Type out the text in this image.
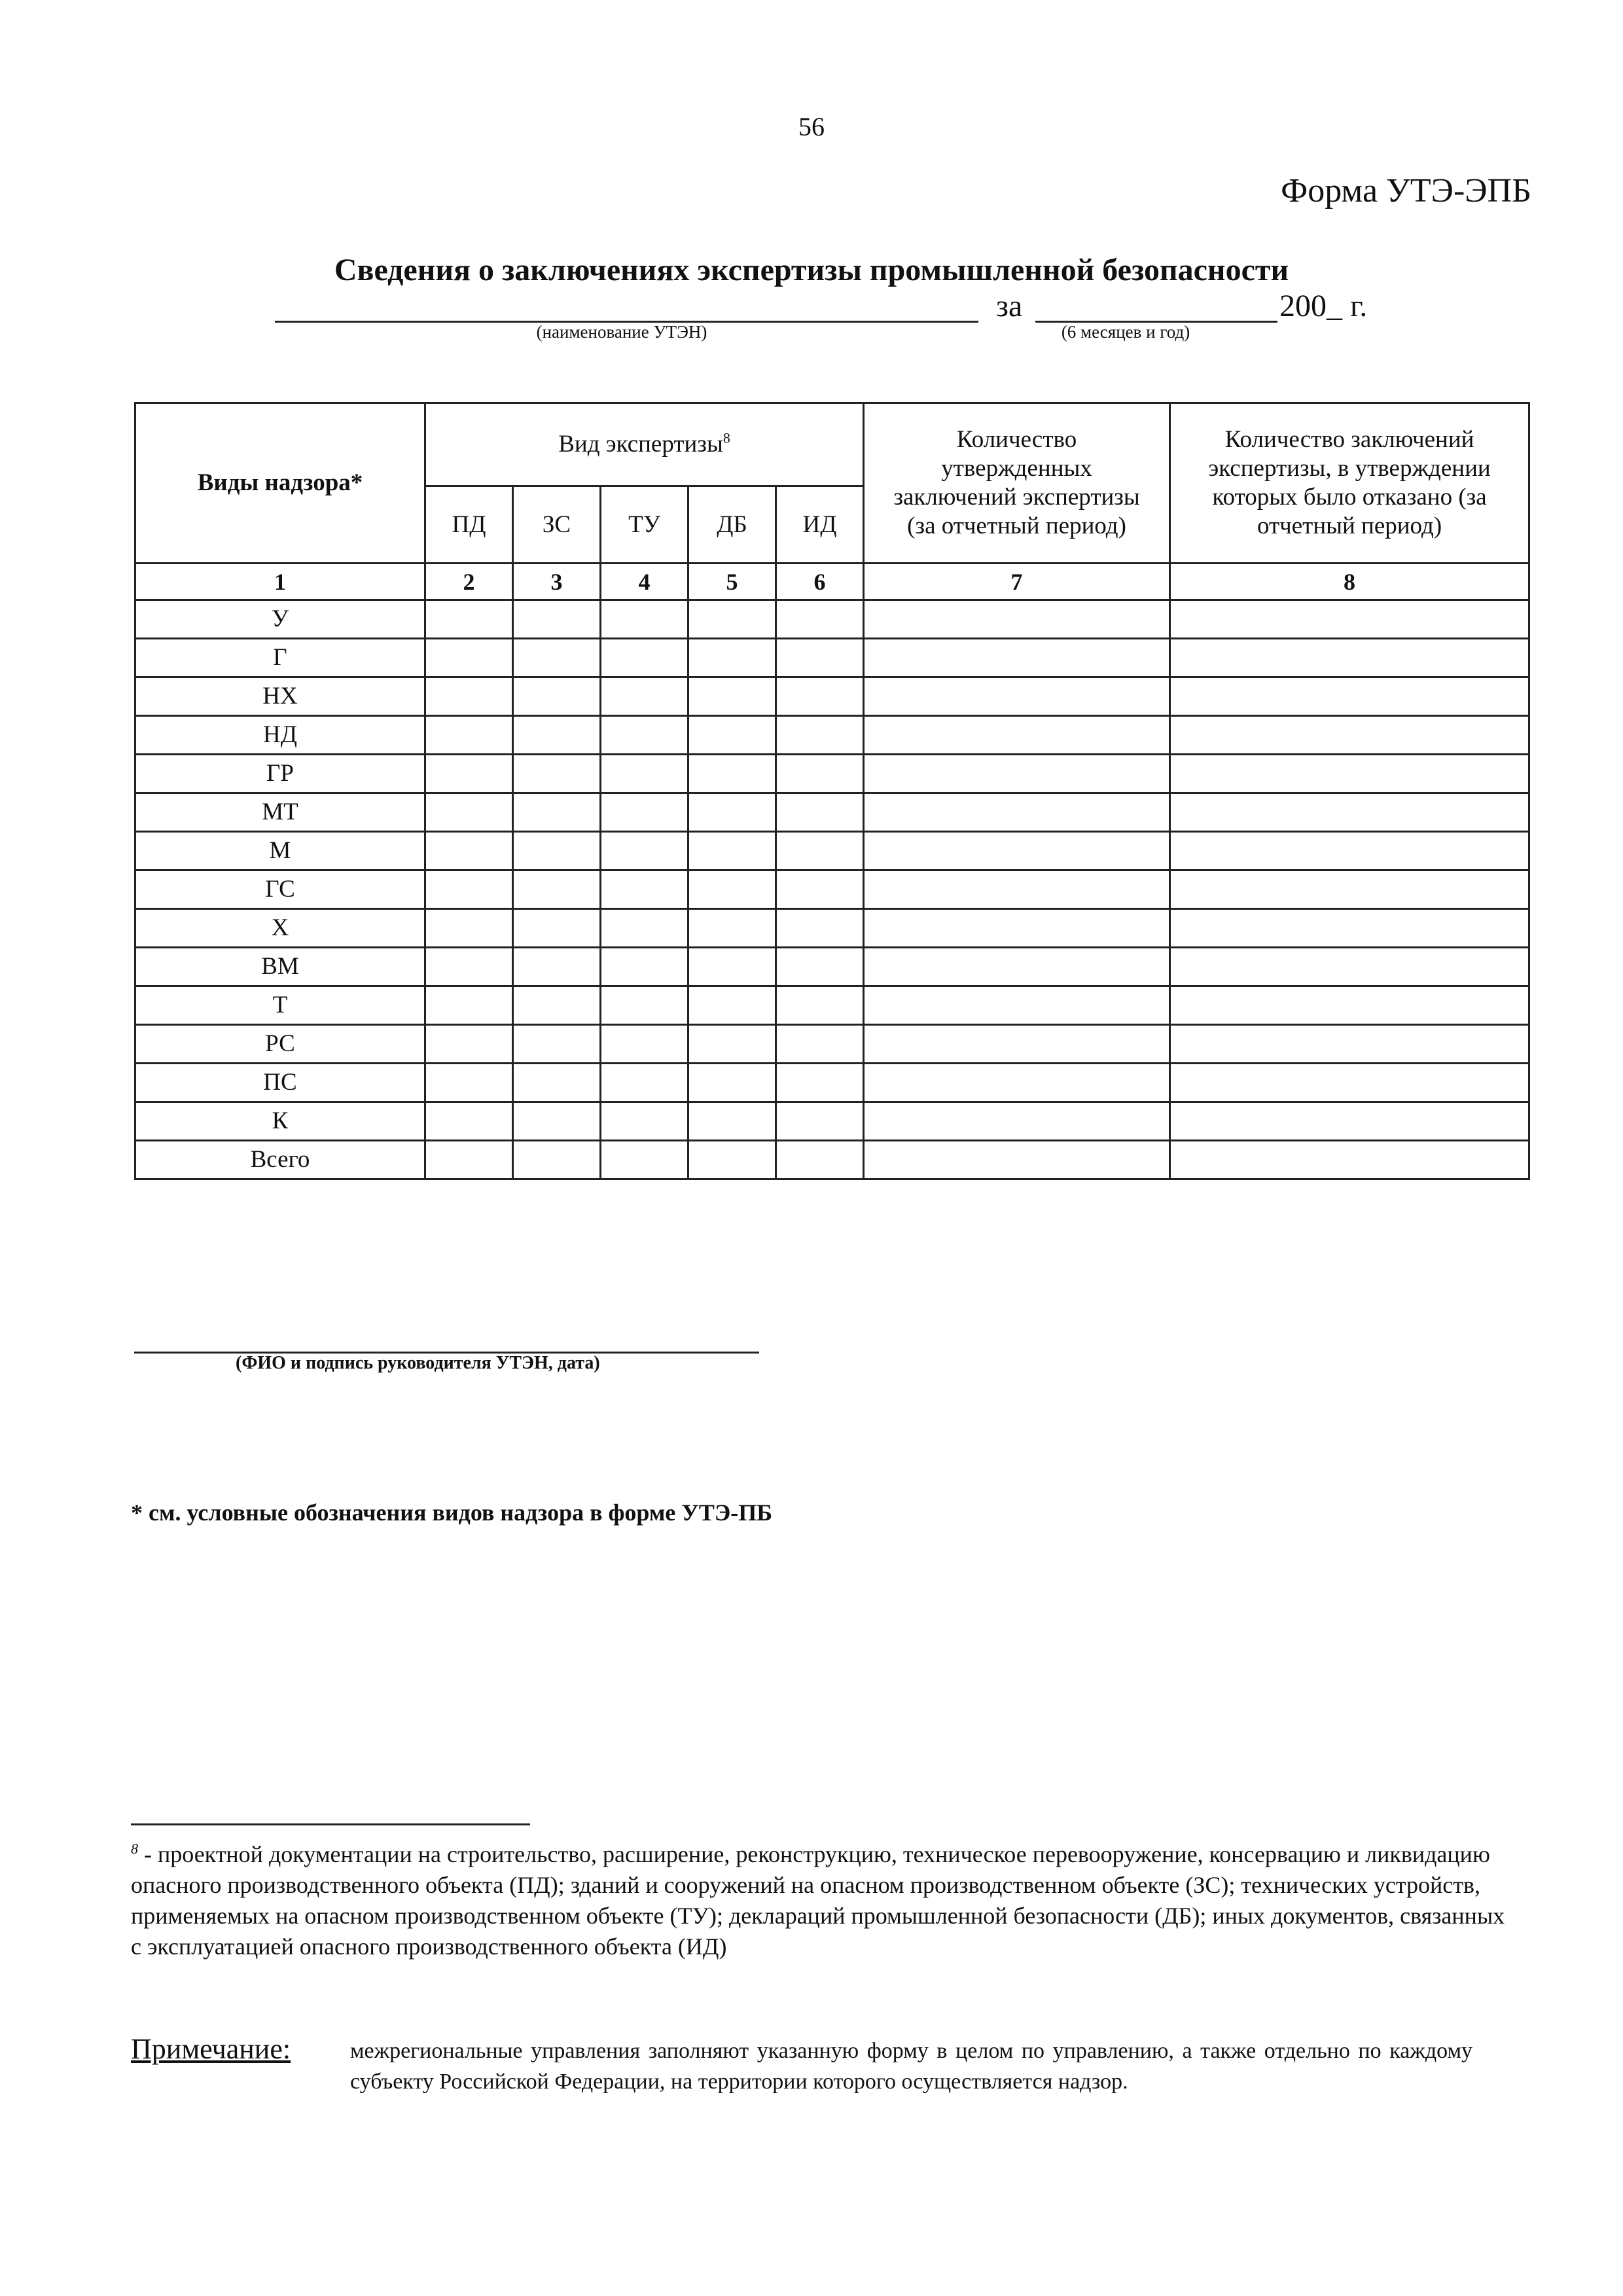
56
Форма УТЭ-ЭПБ
Сведения о заключениях экспертизы промышленной безопасности
(наименование УТЭН)
за
(6 месяцев и год)
200_ г.
Виды надзора*	Вид экспертизы$^8$					Количество утвержденных заключений экспертизы (за отчетный период)	Количество заключений экспертизы, в утверждении которых было отказано (за отчетный период)
	ПД	ЗС	ТУ	ДБ	ИД		
1	2	3	4	5	6	7	8
У							
Г							
НХ							
НД							
ГР							
МТ							
М							
ГС							
Х							
ВМ							
Т							
РС							
ПС							
К							
Всего							
(ФИО и подпись руководителя УТЭН, дата)
* см. условные обозначения видов надзора в форме УТЭ-ПБ
$^8$ - проектной документации на строительство, расширение, реконструкцию, техническое перевооружение, консервацию и ликвидацию опасного производственного объекта (ПД); зданий и сооружений на опасном производственном объекте (ЗС); технических устройств, применяемых на опасном производственном объекте (ТУ); деклараций промышленной безопасности (ДБ); иных документов, связанных с эксплуатацией опасного производственного объекта (ИД)
Примечание:	межрегиональные управления заполняют указанную форму в целом по управлению, а также отдельно по каждому субъекту Российской Федерации, на территории которого осуществляется надзор.
